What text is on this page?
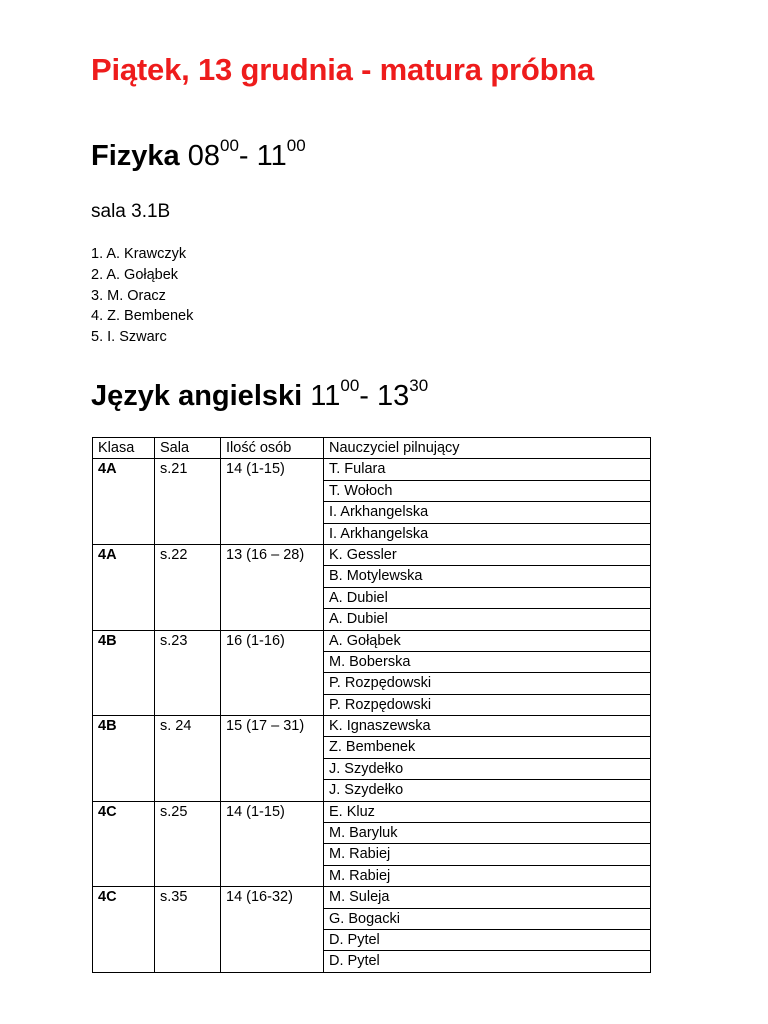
Piątek, 13 grudnia - matura próbna
Fizyka $08^{00}-$ $11^{00}$
sala 3.1B
1. A. Krawczyk
2. A. Gołąbek
3. M. Oracz
4. Z. Bembenek
5. I. Szwarc
Język angielski $11^{00}-$ $13^{30}$
Klasa	Sala	Ilość osób	Nauczyciel pilnujący
4A	s.21	14 (1-15)	T. Fulara
			T. Wołoch
			I. Arkhangelska
			I. Arkhangelska
4A	s.22	13 (16 – 28)	K. Gessler
			B. Motylewska
			A. Dubiel
			A. Dubiel
4B	s.23	16 (1-16)	A. Gołąbek
			M. Boberska
			P. Rozpędowski
			P. Rozpędowski
4B	s. 24	15 (17 – 31)	K. Ignaszewska
			Z. Bembenek
			J. Szydełko
			J. Szydełko
4C	s.25	14 (1-15)	E. Kluz
			M. Baryluk
			M. Rabiej
			M. Rabiej
4C	s.35	14 (16-32)	M. Suleja
			G. Bogacki
			D. Pytel
			D. Pytel
